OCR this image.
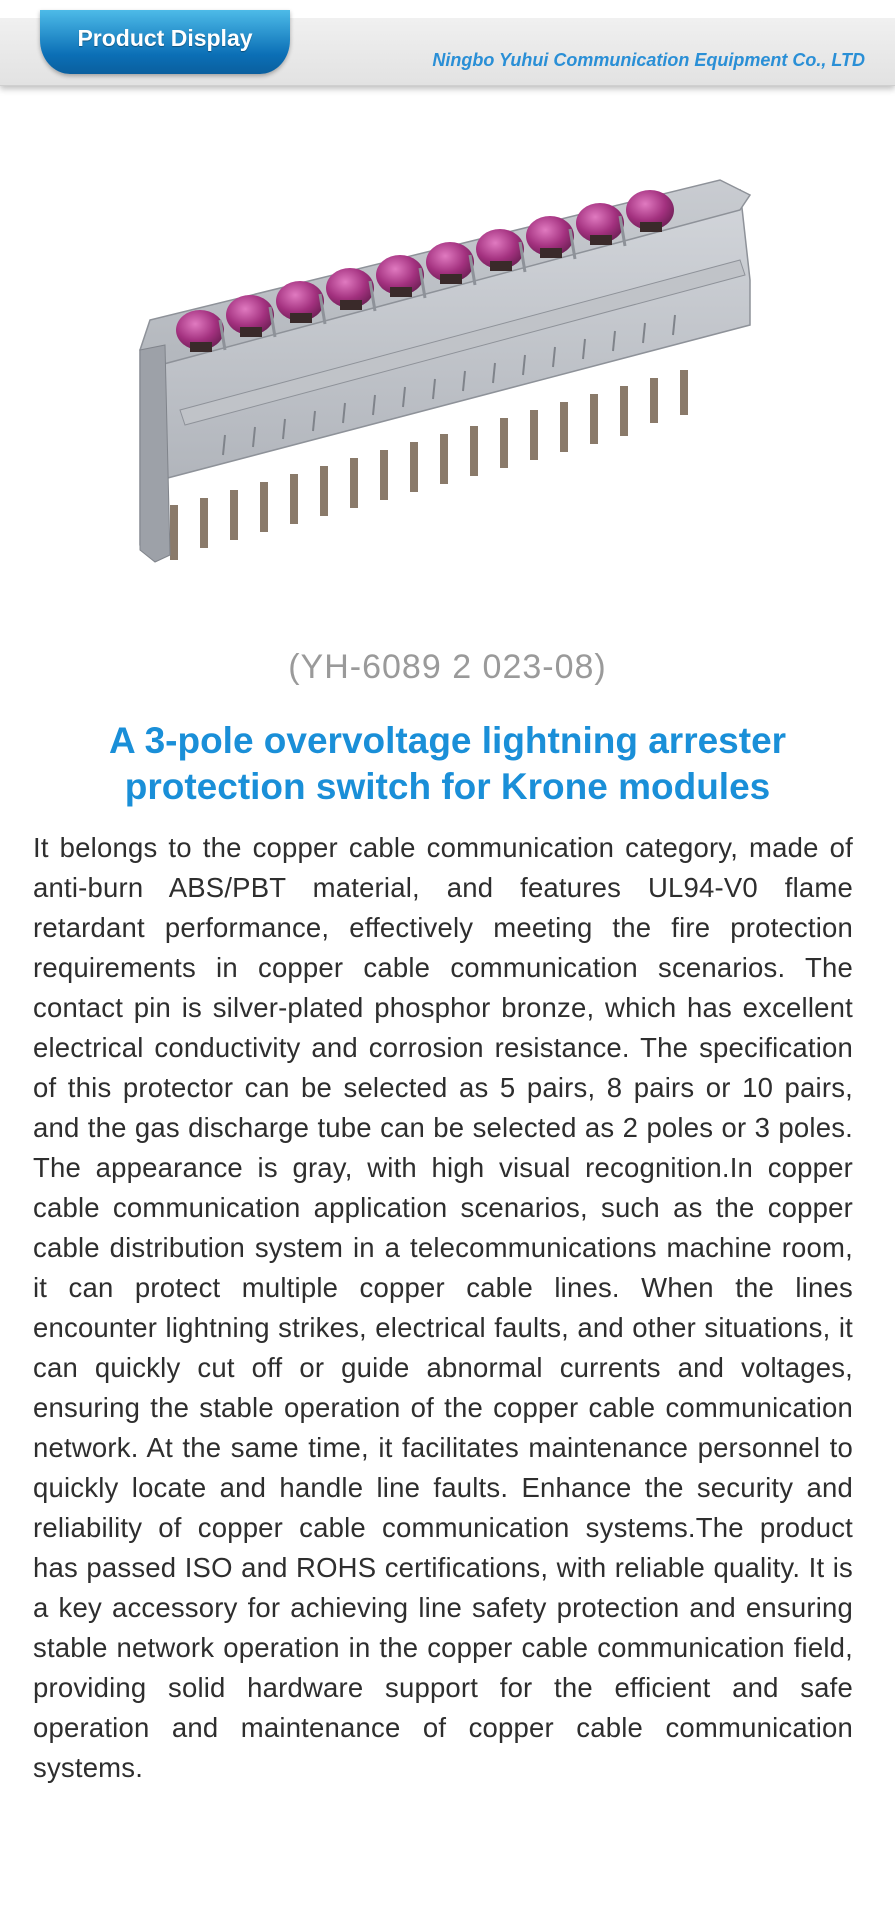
Product Display
Ningbo Yuhui Communication Equipment Co., LTD
(YH-6089 2 023-08)
A 3-pole overvoltage lightning arrester
protection switch for Krone modules
It belongs to the copper cable communication category, made of anti-burn ABS/PBT material, and features UL94-V0 flame retardant performance, effectively meeting the fire protection requirements in copper cable communication scenarios. The contact pin is silver-plated phosphor bronze, which has excellent electrical conductivity and corrosion resistance. The specification of this protector can be selected as 5 pairs, 8 pairs or 10 pairs, and the gas discharge tube can be selected as 2 poles or 3 poles. The appearance is gray, with high visual recognition.In copper cable communication application scenarios, such as the copper cable distribution system in a telecommunications machine room, it can protect multiple copper cable lines. When the lines encounter lightning strikes, electrical faults, and other situations, it can quickly cut off or guide abnormal currents and voltages, ensuring the stable operation of the copper cable communication network. At the same time, it facilitates maintenance personnel to quickly locate and handle line faults. Enhance the security and reliability of copper cable communication systems.The product has passed ISO and ROHS certifications, with reliable quality. It is a key accessory for achieving line safety protection and ensuring stable network operation in the copper cable communication field, providing solid hardware support for the efficient and safe operation and maintenance of copper cable communication systems.
